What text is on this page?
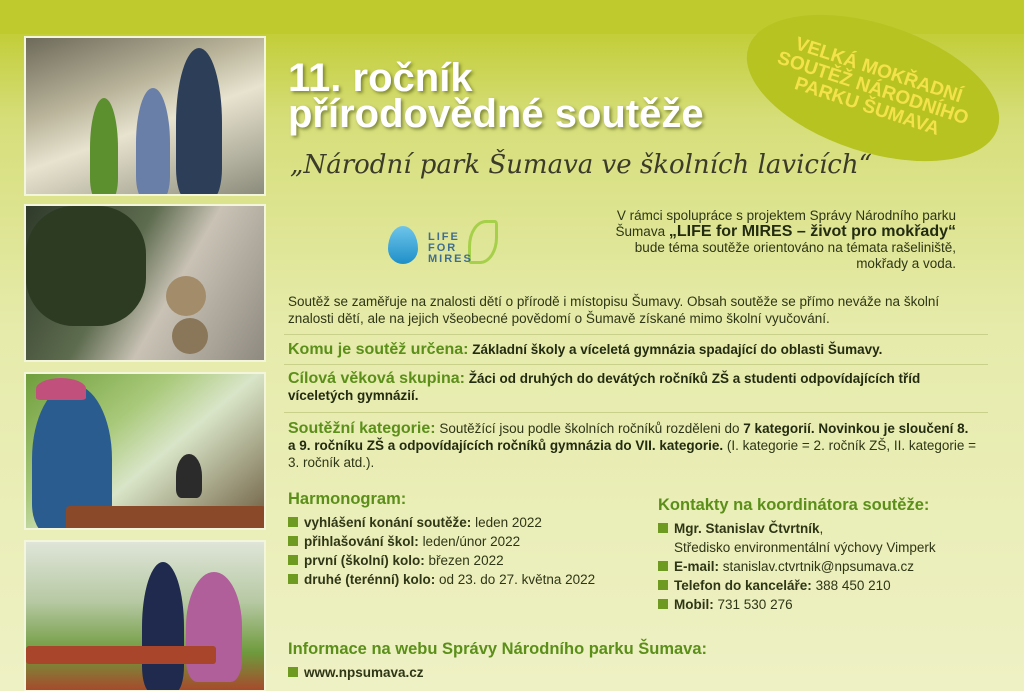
VELKÁ MOKŘADNÍ SOUTĚŽ NÁRODNÍHO PARKU ŠUMAVA
11. ročník
přírodovědné soutěže
„Národní park Šumava ve školních lavicích“
LIFE
FOR
MIRES
V rámci spolupráce s projektem Správy Národního parku Šumava „LIFE for MIRES – život pro mokřady“ bude téma soutěže orientováno na témata rašeliniště, mokřady a voda.
Soutěž se zaměřuje na znalosti dětí o přírodě i místopisu Šumavy. Obsah soutěže se přímo neváže na školní znalosti dětí, ale na jejich všeobecné povědomí o Šumavě získané mimo školní vyučování.
Komu je soutěž určena: Základní školy a víceletá gymnázia spadající do oblasti Šumavy.
Cílová věková skupina: Žáci od druhých do devátých ročníků ZŠ a studenti odpovídajících tříd víceletých gymnázií.
Soutěžní kategorie: Soutěžící jsou podle školních ročníků rozděleni do 7 kategorií. Novinkou je sloučení 8. a 9. ročníku ZŠ a odpovídajících ročníků gymnázia do VII. kategorie. (I. kategorie = 2. ročník ZŠ, II. kategorie = 3. ročník atd.).
Harmonogram:
vyhlášení konání soutěže: leden 2022
přihlašování škol: leden/únor 2022
první (školní) kolo: březen 2022
druhé (terénní) kolo: od 23. do 27. května 2022
Kontakty na koordinátora soutěže:
Mgr. Stanislav Čtvrtník,
Středisko environmentální výchovy Vimperk
E-mail: stanislav.ctvrtnik@npsumava.cz
Telefon do kanceláře: 388 450 210
Mobil: 731 530 276
Informace na webu Správy Národního parku Šumava:
www.npsumava.cz
